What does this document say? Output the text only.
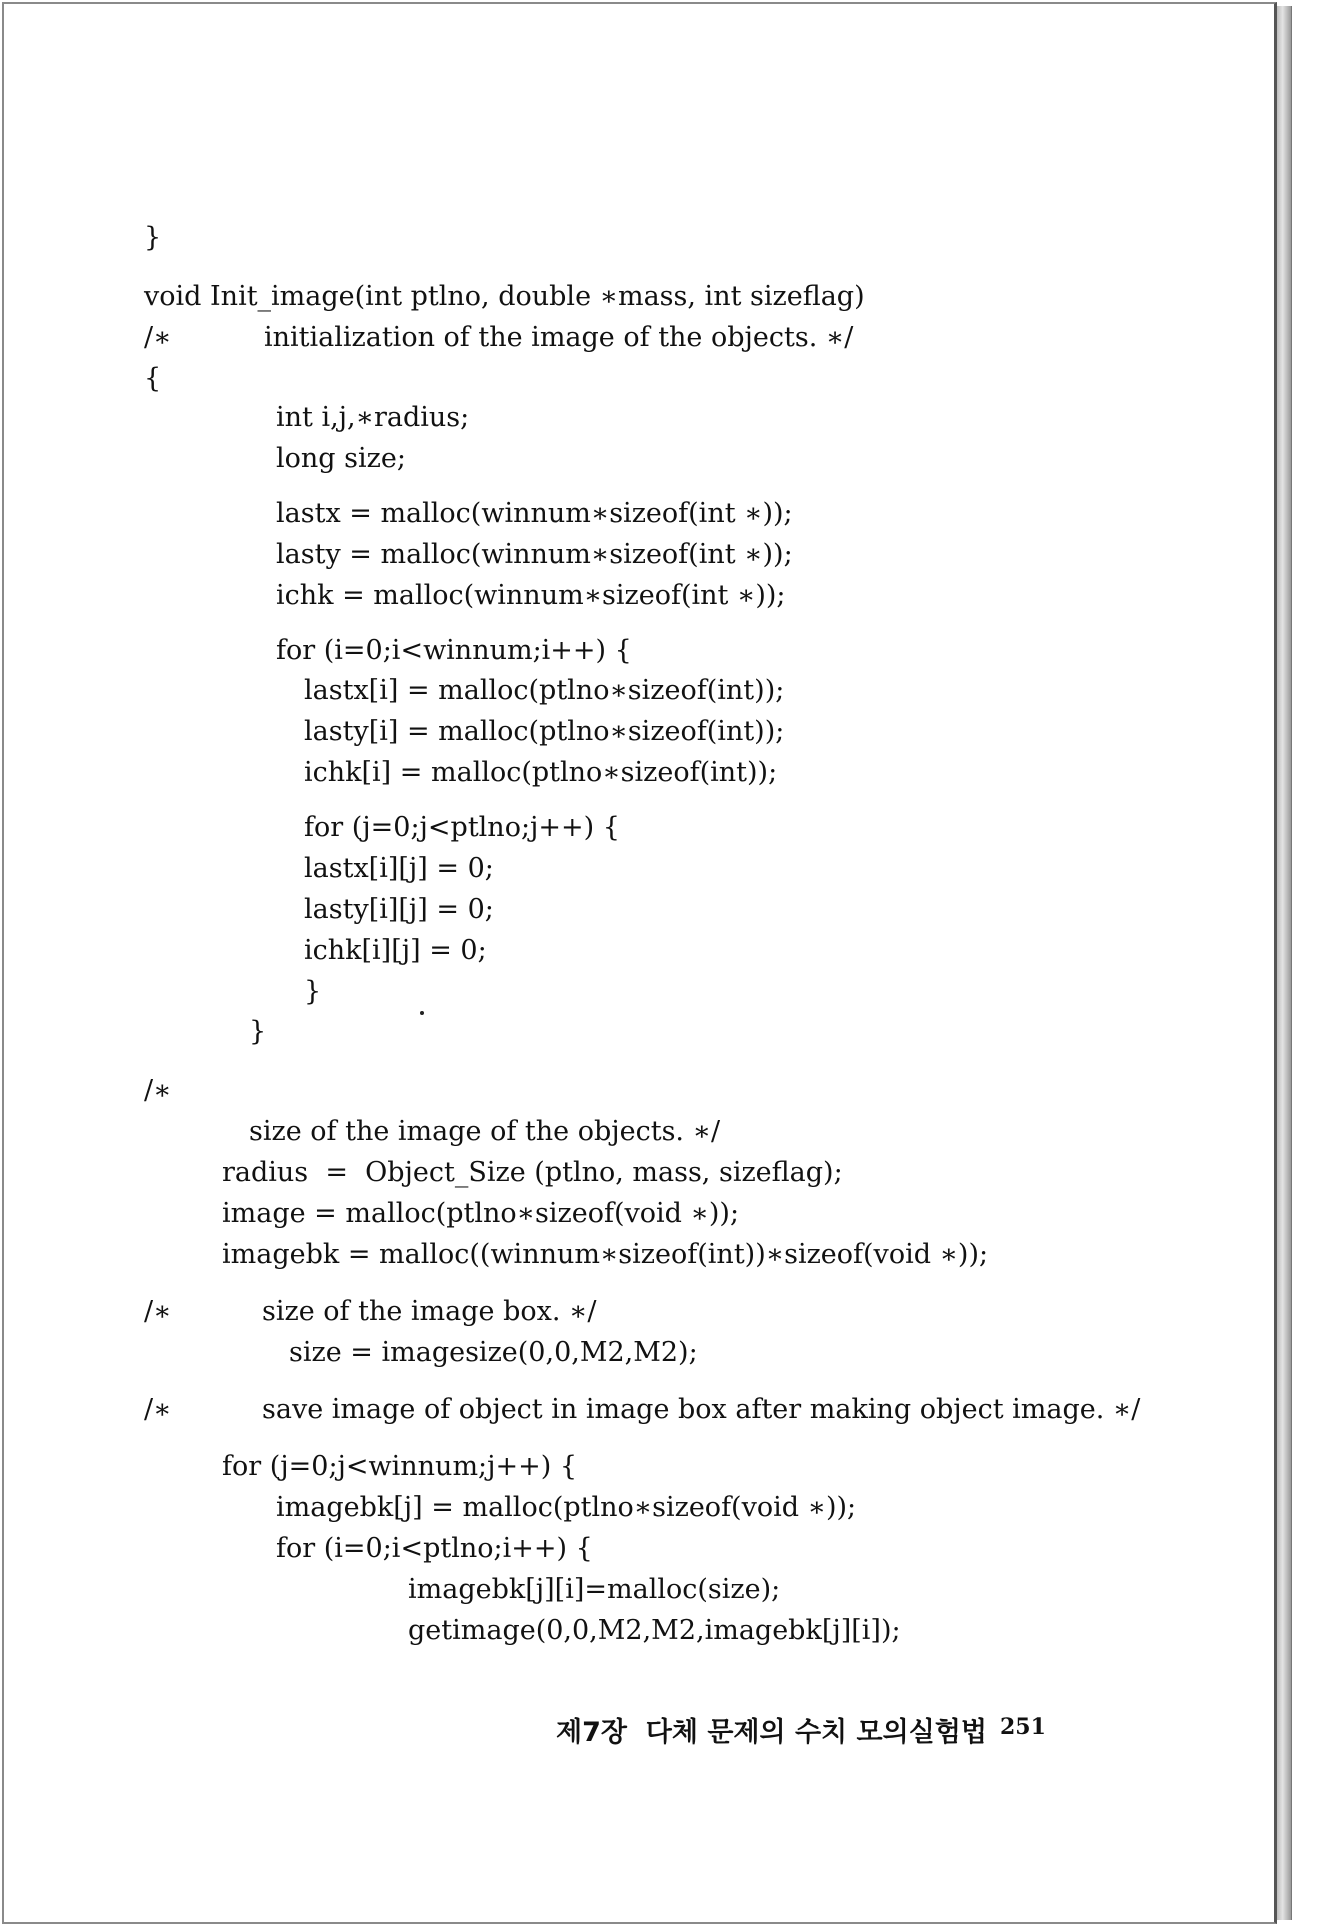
}
void Init_image(int ptlno, double ∗mass, int sizeflag)
/∗	initialization of the image of the objects. ∗/
{
int i,j,∗radius;
long size;
lastx = malloc(winnum∗sizeof(int ∗));
lasty = malloc(winnum∗sizeof(int ∗));
ichk = malloc(winnum∗sizeof(int ∗));
for (i=0;i<winnum;i++) {
lastx[i] = malloc(ptlno∗sizeof(int));
lasty[i] = malloc(ptlno∗sizeof(int));
ichk[i] = malloc(ptlno∗sizeof(int));
for (j=0;j<ptlno;j++) {
lastx[i][j] = 0;
lasty[i][j] = 0;
ichk[i][j] = 0;
}
}
/∗
size of the image of the objects. ∗/
radius  =  Object_Size (ptlno, mass, sizeflag);
image = malloc(ptlno∗sizeof(void ∗));
imagebk = malloc((winnum∗sizeof(int))∗sizeof(void ∗));
/∗	size of the image box. ∗/
size = imagesize(0,0,M2,M2);
/∗	save image of object in image box after making object image. ∗/
for (j=0;j<winnum;j++) {
imagebk[j] = malloc(ptlno∗sizeof(void ∗));
for (i=0;i<ptlno;i++) {
imagebk[j][i]=malloc(size);
getimage(0,0,M2,M2,imagebk[j][i]);
제7장  다체 문제의 수치 모의실험법 251
